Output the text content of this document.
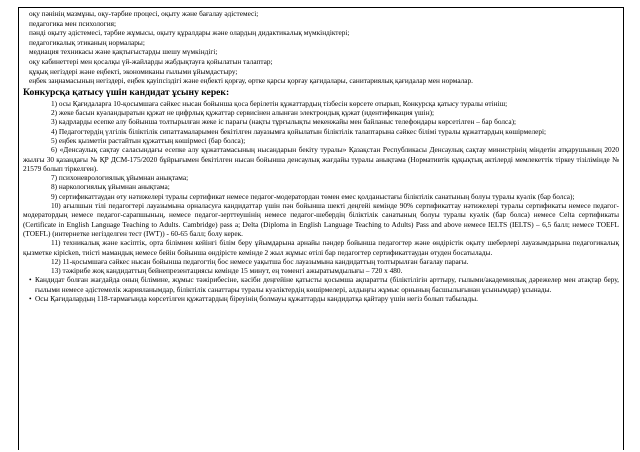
оқу пәнінің мазмұны, оқу-тәрбие процесі, оқыту және бағалау әдістемесі;

педагогика мен психология;

пәнді оқыту әдістемесі, тәрбие жұмысы, оқыту құралдары және олардың дидактикалық мүмкіндіктері;

педагогикалық этиканың нормалары;

медиация техникасы және қақтығыстарды шешу мүмкіндігі;

оқу кабинеттері мен қосалқы үй-жайларды жабдықтауға қойылатын талаптар;

құқық негіздері және еңбекті, экономиканы ғылыми ұйымдастыру;

еңбек заңнамасының негіздері, еңбек қауіпсіздігі және еңбекті қорғау, өртке қарсы қорғау қағидалары, санитариялық қағидалар мен нормалар.

Конкурсқа қатысу үшін кандидат ұсыну керек:

1) осы Қағидаларға 10-қосымшаға сәйкес нысан бойынша қоса берілетін құжаттардың тізбесін көрсете отырып, Конкурсқа қатысу туралы өтініш;

2) жеке басын куәландыратын құжат не цифрлық құжаттар сервисінен алынған электрондық құжат (идентификация үшін);

3) кадрларды есепке алу бойынша толтырылған жеке іс парағы (нақты тұрғылықты мекенжайы мен байланыс телефондары көрсетілген – бар болса);

4) Педагогтердің үлгілік біліктілік сипаттамаларымен бекітілген лауазымға қойылатын біліктілік талаптарына сәйкес білімі туралы құжаттардың көшірмелері;

5) еңбек қызметін растайтын құжаттың көшірмесі (бар болса);

6) «Денсаулық сақтау саласындағы есепке алу құжаттамасының нысандарын бекіту туралы» Қазақстан Республикасы Денсаулық сақтау министрінің міндетін атқарушының 2020 жылғы 30 қазандағы № ҚР ДСМ-175/2020 бұйрығымен бекітілген нысан бойынша денсаулық жағдайы туралы анықтама (Нормативтік құқықтық актілерді мемлекеттік тіркеу тізілімінде № 21579 болып тіркелген).

7) психоневрологиялық ұйымнан анықтама;

8) наркологиялық ұйымнан анықтама;

9) сертификаттаудан өту нәтижелері туралы сертификат немесе педагог-модератордан төмен емес қолданыстағы біліктілік санатының болуы туралы куәлік (бар болса);

10) ағылшын тілі педагогтері лауазымына орналасуға кандидаттар үшін пән бойынша шекті деңгейі кемінде 90% сертификаттау нәтижелері туралы сертификаты немесе педагог-модератордың немесе педагог-сарапшының, немесе педагог-зерттеушінің немесе педагог-шебердің біліктілік санатының болуы туралы куәлік (бар болса) немесе Celta сертификаты (Certificate in English Language Teaching to Adults. Cambridge) pass a; Delta (Diploma in English Language Teaching to Adults) Pass and above немесе IELTS (IELTS) – 6,5 балл; немесе TOEFL (TOEFL) (интернетке негізделген тест (IWT)) - 60-65 балл; болу керек.

11) техникалық және кәсіптік, орта білімнен кейінгі білім беру ұйымдарына арнайы пәндер бойынша педагогтер және өндірістік оқыту шеберлері лауазымдарына педагогикалық қызметке кірісken, тиісті мамандық немесе бейін бойынша өндірісте кемінде 2 жыл жұмыс өтілі бар педагогтер сертификаттаудан өтуден босатылады.

12) 11-қосымшаға сәйкес нысан бойынша педагогтің бос немесе уақытша бос лауазымына кандидаттың толтырылған бағалау парағы.

13) тәжірибе жоқ кандидаттың бейнепрезентациясы кемінде 15 минут, ең төменгі ажыратымдылығы – 720 x 480.

• Кандидат болған жағдайда оның білімине, жұмыс тәжірибесіне, кәсіби деңгейіне қатысты қосымша ақпаратты (біліктілігін арттыру, ғылыми/академиялық дәрежелер мен атақтар беру, ғылыми немесе әдістемелік жарияланымдар, біліктілік санаттары туралы куәліктердің көшірмелері, алдыңғы жұмыс орнының басшылығынан ұсынымдар) ұсынады.

• Осы Қағидалардың 118-тармағында көрсетілген құжаттардың біреуінің болмауы құжаттарды кандидатқа қайтару үшін негіз болып табылады.
